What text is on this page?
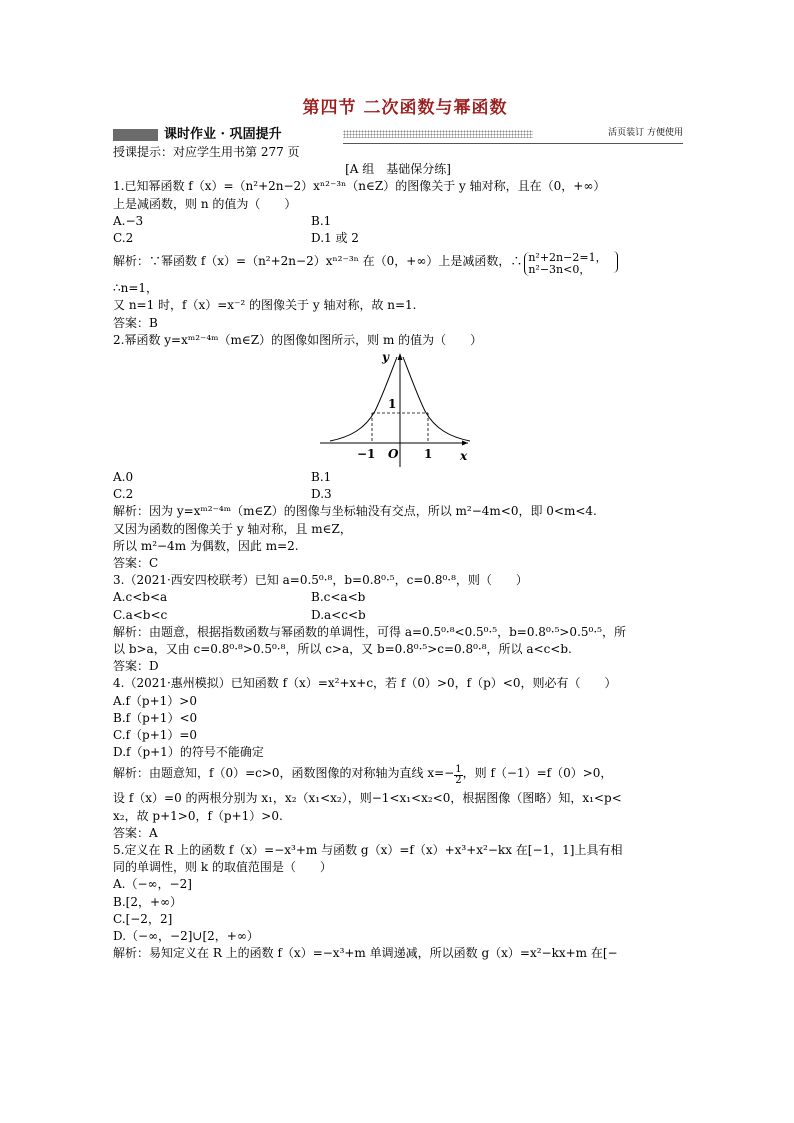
第四节 二次函数与幂函数
课时作业 · 巩固提升	活页装订 方便使用
授课提示：对应学生用书第 277 页
[A 组　基础保分练]
1.已知幂函数 f（x）=（n²+2n−2）xⁿ²⁻³ⁿ（n∈Z）的图像关于 y 轴对称，且在（0，+∞）
上是减函数，则 n 的值为（　　）
A.−3	B.1
C.2	D.1 或 2
解析：∵幂函数 f（x）=（n²+2n−2）xⁿ²⁻³ⁿ 在（0，+∞）上是减函数，∴ n²+2n−2=1，
n²−3n<0，
∴n=1，
又 n=1 时，f（x）=x⁻² 的图像关于 y 轴对称，故 n=1.
答案：B
2.幂函数 y=xᵐ²⁻⁴ᵐ（m∈Z）的图像如图所示，则 m 的值为（　　）
y
x
1
−1 O 1
A.0	B.1
C.2	D.3
解析：因为 y=xᵐ²⁻⁴ᵐ（m∈Z）的图像与坐标轴没有交点，所以 m²−4m<0，即 0<m<4.
又因为函数的图像关于 y 轴对称，且 m∈Z，
所以 m²−4m 为偶数，因此 m=2.
答案：C
3.（2021·西安四校联考）已知 a=0.5⁰·⁸，b=0.8⁰·⁵，c=0.8⁰·⁸，则（　　）
A.c<b<a	B.c<a<b
C.a<b<c	D.a<c<b
解析：由题意，根据指数函数与幂函数的单调性，可得 a=0.5⁰·⁸<0.5⁰·⁵，b=0.8⁰·⁵>0.5⁰·⁵，所
以 b>a，又由 c=0.8⁰·⁸>0.5⁰·⁸，所以 c>a，又 b=0.8⁰·⁵>c=0.8⁰·⁸，所以 a<c<b.
答案：D
4.（2021·惠州模拟）已知函数 f（x）=x²+x+c，若 f（0）>0，f（p）<0，则必有（　　）
A.f（p+1）>0
B.f（p+1）<0
C.f（p+1）=0
D.f（p+1）的符号不能确定
解析：由题意知，f（0）=c>0，函数图像的对称轴为直线 $x=- \frac{1}{2}$ ，则 f（−1）=f（0）>0，
设 f（x）=0 的两根分别为 x₁，x₂（x₁<x₂），则−1<x₁<x₂<0，根据图像（图略）知，x₁<p<
x₂，故 p+1>0，f（p+1）>0.
答案：A
5.定义在 R 上的函数 f（x）=−x³+m 与函数 g（x）=f（x）+x³+x²−kx 在[−1，1]上具有相
同的单调性，则 k 的取值范围是（　　）
A.（−∞，−2]
B.[2，+∞）
C.[−2，2]
D.（−∞，−2]∪[2，+∞）
解析：易知定义在 R 上的函数 f（x）=−x³+m 单调递减，所以函数 g（x）=x²−kx+m 在[−
